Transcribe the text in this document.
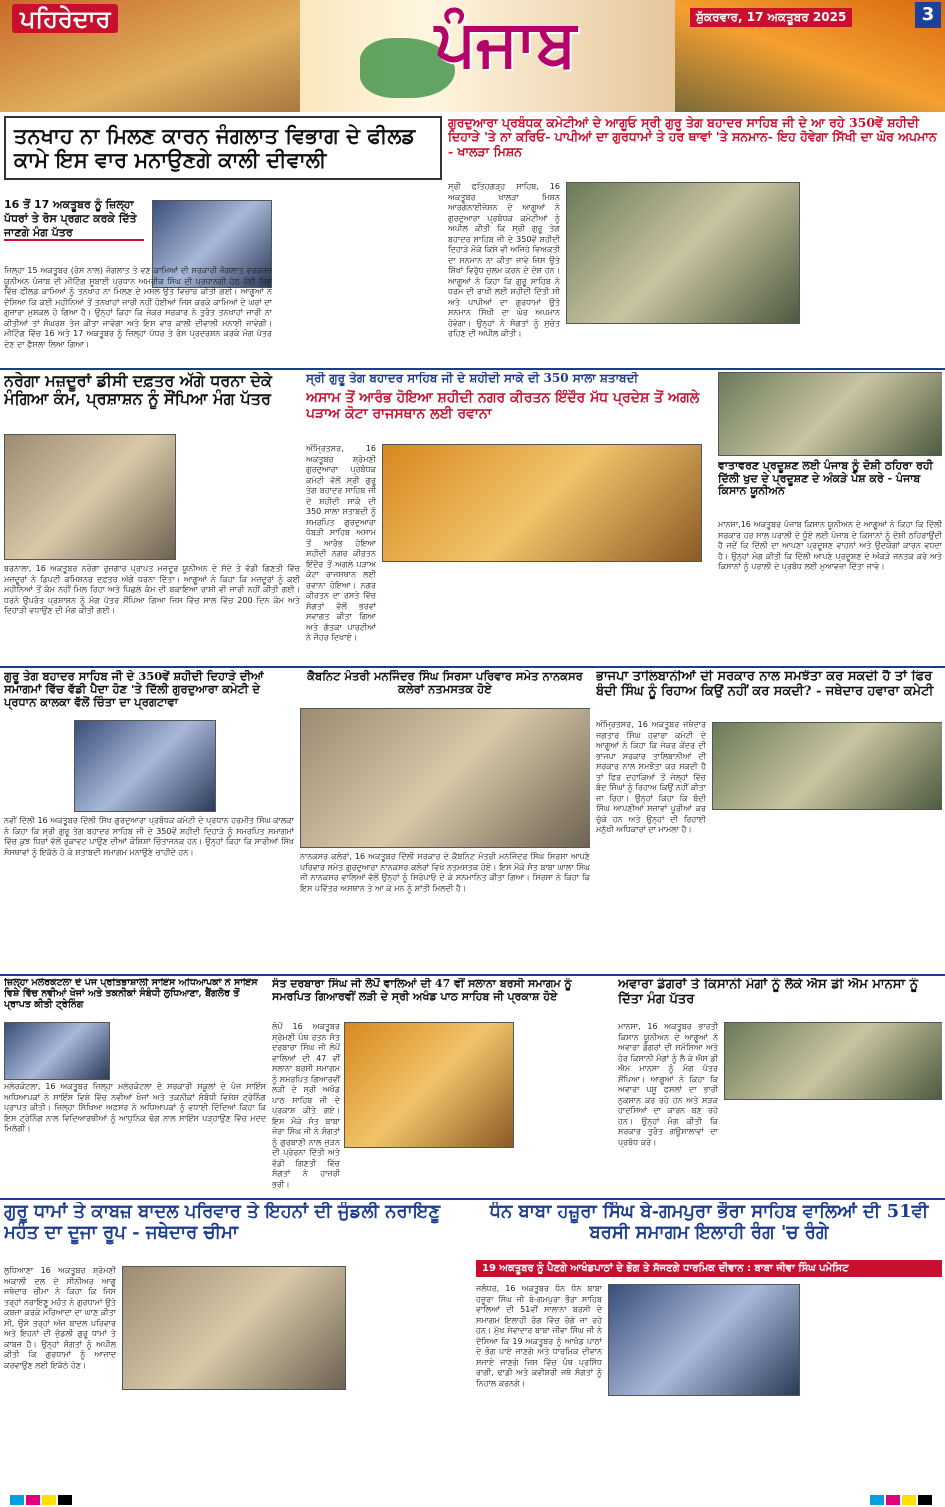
ਪਹਿਰੇਦਾਰ	ਪੰਜਾਬ	ਸ਼ੁੱਕਰਵਾਰ, 17 ਅਕਤੂਬਰ 2025	3
ਤਨਖਾਹ ਨਾ ਮਿਲਣ ਕਾਰਨ ਜੰਗਲਾਤ ਵਿਭਾਗ ਦੇ ਫੀਲਡ ਕਾਮੇ ਇਸ ਵਾਰ ਮਨਾਉਣਗੇ ਕਾਲੀ ਦੀਵਾਲੀ
16 ਤੋਂ 17 ਅਕਤੂਬਰ ਨੂੰ ਜ਼ਿਲ੍ਹਾ ਪੱਧਰਾਂ ਤੇ ਰੋਸ ਪ੍ਰਗਟ ਕਰਕੇ ਦਿੱਤੇ ਜਾਣਗੇ ਮੰਗ ਪੱਤਰ
ਜ਼ਿਲ੍ਹਾ 15 ਅਕਤੂਬਰ (ਰੋਸ ਨਾਲ) ਜੰਗਲਾਤ ਤੇ ਵਣ ਕਾਮਿਆਂ ਦੀ ਸਰਕਾਰੀ ਜੰਗਲਾਤ ਵਰਕਰਜ਼ ਯੂਨੀਅਨ ਪੰਜਾਬ ਦੀ ਮੀਟਿੰਗ ਸੂਬਾਈ ਪ੍ਰਧਾਨ ਅਮਰੀਕ ਸਿੰਘ ਦੀ ਪ੍ਰਧਾਨਗੀ ਹੇਠ ਹੋਈ ਜਿਸ ਵਿੱਚ ਫੀਲਡ ਕਾਮਿਆਂ ਨੂੰ ਤਨਖਾਹ ਨਾ ਮਿਲਣ ਦੇ ਮਸਲੇ ਉਤੇ ਵਿਚਾਰ ਕੀਤੀ ਗਈ। ਆਗੂਆਂ ਨੇ ਦੱਸਿਆ ਕਿ ਕਈ ਮਹੀਨਿਆਂ ਤੋਂ ਤਨਖਾਹਾਂ ਜਾਰੀ ਨਹੀਂ ਹੋਈਆਂ ਜਿਸ ਕਰਕੇ ਕਾਮਿਆਂ ਦੇ ਘਰਾਂ ਦਾ ਗੁਜ਼ਾਰਾ ਮੁਸ਼ਕਲ ਹੋ ਗਿਆ ਹੈ। ਉਨ੍ਹਾਂ ਕਿਹਾ ਕਿ ਜੇਕਰ ਸਰਕਾਰ ਨੇ ਤੁਰੰਤ ਤਨਖਾਹਾਂ ਜਾਰੀ ਨਾ ਕੀਤੀਆਂ ਤਾਂ ਸੰਘਰਸ਼ ਤੇਜ਼ ਕੀਤਾ ਜਾਵੇਗਾ ਅਤੇ ਇਸ ਵਾਰ ਕਾਲੀ ਦੀਵਾਲੀ ਮਨਾਈ ਜਾਵੇਗੀ। ਮੀਟਿੰਗ ਵਿੱਚ 16 ਅਤੇ 17 ਅਕਤੂਬਰ ਨੂੰ ਜ਼ਿਲ੍ਹਾ ਪੱਧਰ ਤੇ ਰੋਸ ਪ੍ਰਦਰਸ਼ਨ ਕਰਕੇ ਮੰਗ ਪੱਤਰ ਦੇਣ ਦਾ ਫੈਸਲਾ ਲਿਆ ਗਿਆ।
ਗੁਰਦੁਆਰਾ ਪ੍ਰਬੰਧਕ ਕਮੇਟੀਆਂ ਦੇ ਆਗੂਓ ਸ੍ਰੀ ਗੁਰੂ ਤੇਗ ਬਹਾਦਰ ਸਾਹਿਬ ਜੀ ਦੇ ਆ ਰਹੇ 350ਵੇਂ ਸ਼ਹੀਦੀ ਦਿਹਾੜੇ 'ਤੇ ਨਾ ਕਰਿਓ- ਪਾਪੀਆਂ ਦਾ ਗੁਰਧਾਮਾਂ ਤੇ ਹਰ ਥਾਵਾਂ 'ਤੇ ਸਨਮਾਨ- ਇਹ ਹੋਵੇਗਾ ਸਿੱਖੀ ਦਾ ਘੋਰ ਅਪਮਾਨ - ਖਾਲੜਾ ਮਿਸ਼ਨ
ਸ੍ਰੀ ਫਤਿਹਗੜ੍ਹ ਸਾਹਿਬ, 16 ਅਕਤੂਬਰ ਖਾਲੜਾ ਮਿਸ਼ਨ ਆਰਗੇਨਾਈਜੇਸ਼ਨ ਦੇ ਆਗੂਆਂ ਨੇ ਗੁਰਦੁਆਰਾ ਪ੍ਰਬੰਧਕ ਕਮੇਟੀਆਂ ਨੂੰ ਅਪੀਲ ਕੀਤੀ ਕਿ ਸ੍ਰੀ ਗੁਰੂ ਤੇਗ ਬਹਾਦਰ ਸਾਹਿਬ ਜੀ ਦੇ 350ਵੇਂ ਸ਼ਹੀਦੀ ਦਿਹਾੜੇ ਮੌਕੇ ਕਿਸੇ ਵੀ ਅਜਿਹੇ ਵਿਅਕਤੀ ਦਾ ਸਨਮਾਨ ਨਾ ਕੀਤਾ ਜਾਵੇ ਜਿਸ ਉਤੇ ਸਿੱਖਾਂ ਵਿਰੁੱਧ ਜ਼ੁਲਮ ਕਰਨ ਦੇ ਦੋਸ਼ ਹਨ। ਆਗੂਆਂ ਨੇ ਕਿਹਾ ਕਿ ਗੁਰੂ ਸਾਹਿਬ ਨੇ ਧਰਮ ਦੀ ਰਾਖੀ ਲਈ ਸ਼ਹੀਦੀ ਦਿੱਤੀ ਸੀ ਅਤੇ ਪਾਪੀਆਂ ਦਾ ਗੁਰਧਾਮਾਂ ਉਤੇ ਸਨਮਾਨ ਸਿੱਖੀ ਦਾ ਘੋਰ ਅਪਮਾਨ ਹੋਵੇਗਾ। ਉਨ੍ਹਾਂ ਨੇ ਸੰਗਤਾਂ ਨੂੰ ਸੁਚੇਤ ਰਹਿਣ ਦੀ ਅਪੀਲ ਕੀਤੀ।
ਨਰੇਗਾ ਮਜ਼ਦੂਰਾਂ ਡੀਸੀ ਦਫ਼ਤਰ ਅੱਗੇ ਧਰਨਾ ਦੇਕੇ ਮੰਗਿਆ ਕੰਮ, ਪ੍ਰਸ਼ਾਸ਼ਨ ਨੂੰ ਸੌਂਪਿਆ ਮੰਗ ਪੱਤਰ
ਬਰਨਾਲਾ, 16 ਅਕਤੂਬਰ ਨਰੇਗਾ ਰੁਜ਼ਗਾਰ ਪ੍ਰਾਪਤ ਮਜ਼ਦੂਰ ਯੂਨੀਅਨ ਦੇ ਸੱਦੇ ਤੇ ਵੱਡੀ ਗਿਣਤੀ ਵਿੱਚ ਮਜ਼ਦੂਰਾਂ ਨੇ ਡਿਪਟੀ ਕਮਿਸ਼ਨਰ ਦਫ਼ਤਰ ਅੱਗੇ ਧਰਨਾ ਦਿੱਤਾ। ਆਗੂਆਂ ਨੇ ਕਿਹਾ ਕਿ ਮਜ਼ਦੂਰਾਂ ਨੂੰ ਕਈ ਮਹੀਨਿਆਂ ਤੋਂ ਕੰਮ ਨਹੀਂ ਮਿਲ ਰਿਹਾ ਅਤੇ ਪਿਛਲੇ ਕੰਮ ਦੀ ਬਕਾਇਆ ਰਾਸ਼ੀ ਵੀ ਜਾਰੀ ਨਹੀਂ ਕੀਤੀ ਗਈ। ਧਰਨੇ ਉਪਰੰਤ ਪ੍ਰਸ਼ਾਸ਼ਨ ਨੂੰ ਮੰਗ ਪੱਤਰ ਸੌਂਪਿਆ ਗਿਆ ਜਿਸ ਵਿੱਚ ਸਾਲ ਵਿੱਚ 200 ਦਿਨ ਕੰਮ ਅਤੇ ਦਿਹਾੜੀ ਵਧਾਉਣ ਦੀ ਮੰਗ ਕੀਤੀ ਗਈ।
ਸ੍ਰੀ ਗੁਰੂ ਤੇਗ ਬਹਾਦਰ ਸਾਹਿਬ ਜੀ ਦੇ ਸ਼ਹੀਦੀ ਸਾਕੇ ਦੀ 350 ਸਾਲਾ ਸ਼ਤਾਬਦੀ
ਅਸਾਮ ਤੋਂ ਆਰੰਭ ਹੋਇਆ ਸ਼ਹੀਦੀ ਨਗਰ ਕੀਰਤਨ ਇੰਦੌਰ ਮੱਧ ਪ੍ਰਦੇਸ਼ ਤੋਂ ਅਗਲੇ ਪੜਾਅ ਕੋਟਾ ਰਾਜਸਥਾਨ ਲਈ ਰਵਾਨਾ
ਅੰਮ੍ਰਿਤਸਰ, 16 ਅਕਤੂਬਰ ਸ਼੍ਰੋਮਣੀ ਗੁਰਦੁਆਰਾ ਪ੍ਰਬੰਧਕ ਕਮੇਟੀ ਵੱਲੋਂ ਸ੍ਰੀ ਗੁਰੂ ਤੇਗ ਬਹਾਦਰ ਸਾਹਿਬ ਜੀ ਦੇ ਸ਼ਹੀਦੀ ਸਾਕੇ ਦੀ 350 ਸਾਲਾ ਸ਼ਤਾਬਦੀ ਨੂੰ ਸਮਰਪਿਤ ਗੁਰਦੁਆਰਾ ਧੋਬੜੀ ਸਾਹਿਬ ਅਸਾਮ ਤੋਂ ਆਰੰਭ ਹੋਇਆ ਸ਼ਹੀਦੀ ਨਗਰ ਕੀਰਤਨ ਇੰਦੌਰ ਤੋਂ ਅਗਲੇ ਪੜਾਅ ਕੋਟਾ ਰਾਜਸਥਾਨ ਲਈ ਰਵਾਨਾ ਹੋਇਆ। ਨਗਰ ਕੀਰਤਨ ਦਾ ਰਸਤੇ ਵਿੱਚ ਸੰਗਤਾਂ ਵੱਲੋਂ ਭਰਵਾਂ ਸਵਾਗਤ ਕੀਤਾ ਗਿਆ ਅਤੇ ਗੱਤਕਾ ਪਾਰਟੀਆਂ ਨੇ ਜੌਹਰ ਦਿਖਾਏ।
ਵਾਤਾਵਰਣ ਪ੍ਰਦੂਸ਼ਣ ਲਈ ਪੰਜਾਬ ਨੂੰ ਦੋਸ਼ੀ ਠਹਿਰਾ ਰਹੀ ਦਿੱਲੀ ਖੁਦ ਦੇ ਪ੍ਰਦੂਸ਼ਣ ਦੇ ਅੰਕੜੇ ਪੇਸ਼ ਕਰੇ - ਪੰਜਾਬ ਕਿਸਾਨ ਯੂਨੀਅਨ
ਮਾਨਸਾ,16 ਅਕਤੂਬਰ ਪੰਜਾਬ ਕਿਸਾਨ ਯੂਨੀਅਨ ਦੇ ਆਗੂਆਂ ਨੇ ਕਿਹਾ ਕਿ ਦਿੱਲੀ ਸਰਕਾਰ ਹਰ ਸਾਲ ਪਰਾਲੀ ਦੇ ਧੂੰਏ ਲਈ ਪੰਜਾਬ ਦੇ ਕਿਸਾਨਾਂ ਨੂੰ ਦੋਸ਼ੀ ਠਹਿਰਾਉਂਦੀ ਹੈ ਜਦੋਂ ਕਿ ਦਿੱਲੀ ਦਾ ਆਪਣਾ ਪ੍ਰਦੂਸ਼ਣ ਵਾਹਨਾਂ ਅਤੇ ਉਦਯੋਗਾਂ ਕਾਰਨ ਵਧਦਾ ਹੈ। ਉਨ੍ਹਾਂ ਮੰਗ ਕੀਤੀ ਕਿ ਦਿੱਲੀ ਆਪਣੇ ਪ੍ਰਦੂਸ਼ਣ ਦੇ ਅੰਕੜੇ ਜਨਤਕ ਕਰੇ ਅਤੇ ਕਿਸਾਨਾਂ ਨੂੰ ਪਰਾਲੀ ਦੇ ਪ੍ਰਬੰਧ ਲਈ ਮੁਆਵਜ਼ਾ ਦਿੱਤਾ ਜਾਵੇ।
ਗੁਰੂ ਤੇਗ ਬਹਾਦਰ ਸਾਹਿਬ ਜੀ ਦੇ 350ਵੇਂ ਸ਼ਹੀਦੀ ਦਿਹਾੜੇ ਦੀਆਂ ਸਮਾਗਮਾਂ ਵਿੱਚ ਵੱਡੀ ਪੈਦਾ ਹੋਣ 'ਤੇ ਦਿੱਲੀ ਗੁਰਦੁਆਰਾ ਕਮੇਟੀ ਦੇ ਪ੍ਰਧਾਨ ਕਾਲਕਾ ਵੱਲੋਂ ਚਿੰਤਾ ਦਾ ਪ੍ਰਗਟਾਵਾ
ਨਵੀਂ ਦਿੱਲੀ 16 ਅਕਤੂਬਰ ਦਿੱਲੀ ਸਿੱਖ ਗੁਰਦੁਆਰਾ ਪ੍ਰਬੰਧਕ ਕਮੇਟੀ ਦੇ ਪ੍ਰਧਾਨ ਹਰਮੀਤ ਸਿੰਘ ਕਾਲਕਾ ਨੇ ਕਿਹਾ ਕਿ ਸ੍ਰੀ ਗੁਰੂ ਤੇਗ ਬਹਾਦਰ ਸਾਹਿਬ ਜੀ ਦੇ 350ਵੇਂ ਸ਼ਹੀਦੀ ਦਿਹਾੜੇ ਨੂੰ ਸਮਰਪਿਤ ਸਮਾਗਮਾਂ ਵਿੱਚ ਕੁਝ ਧਿਰਾਂ ਵੱਲੋਂ ਰੁਕਾਵਟ ਪਾਉਣ ਦੀਆਂ ਕੋਸ਼ਿਸ਼ਾਂ ਚਿੰਤਾਜਨਕ ਹਨ। ਉਨ੍ਹਾਂ ਕਿਹਾ ਕਿ ਸਾਰੀਆਂ ਸਿੱਖ ਸੰਸਥਾਵਾਂ ਨੂੰ ਇਕੱਠੇ ਹੋ ਕੇ ਸ਼ਤਾਬਦੀ ਸਮਾਗਮ ਮਨਾਉਣੇ ਚਾਹੀਦੇ ਹਨ।
ਕੈਬਨਿਟ ਮੰਤਰੀ ਮਨਜਿੰਦਰ ਸਿੰਘ ਸਿਰਸਾ ਪਰਿਵਾਰ ਸਮੇਤ ਨਾਨਕਸਰ ਕਲੇਰਾਂ ਨਤਮਸਤਕ ਹੋਏ
ਨਾਨਕਸਰ ਕਲੇਰਾਂ, 16 ਅਕਤੂਬਰ ਦਿੱਲੀ ਸਰਕਾਰ ਦੇ ਕੈਬਨਿਟ ਮੰਤਰੀ ਮਨਜਿੰਦਰ ਸਿੰਘ ਸਿਰਸਾ ਆਪਣੇ ਪਰਿਵਾਰ ਸਮੇਤ ਗੁਰਦੁਆਰਾ ਨਾਨਕਸਰ ਕਲੇਰਾਂ ਵਿਖੇ ਨਤਮਸਤਕ ਹੋਏ। ਇਸ ਮੌਕੇ ਸੰਤ ਬਾਬਾ ਘਾਲਾ ਸਿੰਘ ਜੀ ਨਾਨਕਸਰ ਵਾਲਿਆਂ ਵੱਲੋਂ ਉਨ੍ਹਾਂ ਨੂੰ ਸਿਰੋਪਾਓ ਦੇ ਕੇ ਸਨਮਾਨਿਤ ਕੀਤਾ ਗਿਆ। ਸਿਰਸਾ ਨੇ ਕਿਹਾ ਕਿ ਇਸ ਪਵਿੱਤਰ ਅਸਥਾਨ ਤੇ ਆ ਕੇ ਮਨ ਨੂੰ ਸ਼ਾਂਤੀ ਮਿਲਦੀ ਹੈ।
ਭਾਜਪਾ ਤਾਲਿਬਾਨੀਆਂ ਦੀ ਸਰਕਾਰ ਨਾਲ ਸਮਝੌਤਾ ਕਰ ਸਕਦੀ ਹੈ ਤਾਂ ਫਿਰ ਬੰਦੀ ਸਿੰਘ ਨੂੰ ਰਿਹਾਅ ਕਿਉਂ ਨਹੀਂ ਕਰ ਸਕਦੀ? - ਜਥੇਦਾਰ ਹਵਾਰਾ ਕਮੇਟੀ
ਅੰਮ੍ਰਿਤਸਰ, 16 ਅਕਤੂਬਰ ਜਥੇਦਾਰ ਜਗਤਾਰ ਸਿੰਘ ਹਵਾਰਾ ਕਮੇਟੀ ਦੇ ਆਗੂਆਂ ਨੇ ਕਿਹਾ ਕਿ ਜੇਕਰ ਕੇਂਦਰ ਦੀ ਭਾਜਪਾ ਸਰਕਾਰ ਤਾਲਿਬਾਨੀਆਂ ਦੀ ਸਰਕਾਰ ਨਾਲ ਸਮਝੌਤਾ ਕਰ ਸਕਦੀ ਹੈ ਤਾਂ ਫਿਰ ਦਹਾਕਿਆਂ ਤੋਂ ਜੇਲ੍ਹਾਂ ਵਿੱਚ ਬੰਦ ਸਿੰਘਾਂ ਨੂੰ ਰਿਹਾਅ ਕਿਉਂ ਨਹੀਂ ਕੀਤਾ ਜਾ ਰਿਹਾ। ਉਨ੍ਹਾਂ ਕਿਹਾ ਕਿ ਬੰਦੀ ਸਿੰਘ ਆਪਣੀਆਂ ਸਜ਼ਾਵਾਂ ਪੂਰੀਆਂ ਕਰ ਚੁੱਕੇ ਹਨ ਅਤੇ ਉਨ੍ਹਾਂ ਦੀ ਰਿਹਾਈ ਮਨੁੱਖੀ ਅਧਿਕਾਰਾਂ ਦਾ ਮਾਮਲਾ ਹੈ।
ਜ਼ਿਲ੍ਹਾ ਮਲੇਰਕੋਟਲਾ ਦੇ ਪੰਜ ਪ੍ਰਤਿਭਾਸ਼ਾਲੀ ਸਾਇੰਸ ਅਧਿਆਪਕਾਂ ਨੇ ਸਾਇੰਸ ਵਿਸ਼ੇ ਵਿੱਚ ਨਵੀਆਂ ਖੋਜਾਂ ਅਤੇ ਤਕਨੀਕਾਂ ਸੰਬੰਧੀ ਲੁਧਿਆਣਾ, ਬੈਂਗਲੋਰ ਤੋਂ ਪ੍ਰਾਪਤ ਕੀਤੀ ਟ੍ਰੇਨਿੰਗ
ਮਲੇਰਕੋਟਲਾ, 16 ਅਕਤੂਬਰ ਜ਼ਿਲ੍ਹਾ ਮਲੇਰਕੋਟਲਾ ਦੇ ਸਰਕਾਰੀ ਸਕੂਲਾਂ ਦੇ ਪੰਜ ਸਾਇੰਸ ਅਧਿਆਪਕਾਂ ਨੇ ਸਾਇੰਸ ਵਿਸ਼ੇ ਵਿੱਚ ਨਵੀਆਂ ਖੋਜਾਂ ਅਤੇ ਤਕਨੀਕਾਂ ਸੰਬੰਧੀ ਵਿਸ਼ੇਸ਼ ਟ੍ਰੇਨਿੰਗ ਪ੍ਰਾਪਤ ਕੀਤੀ। ਜ਼ਿਲ੍ਹਾ ਸਿੱਖਿਆ ਅਫ਼ਸਰ ਨੇ ਅਧਿਆਪਕਾਂ ਨੂੰ ਵਧਾਈ ਦਿੰਦਿਆਂ ਕਿਹਾ ਕਿ ਇਸ ਟ੍ਰੇਨਿੰਗ ਨਾਲ ਵਿਦਿਆਰਥੀਆਂ ਨੂੰ ਆਧੁਨਿਕ ਢੰਗ ਨਾਲ ਸਾਇੰਸ ਪੜ੍ਹਾਉਣ ਵਿੱਚ ਮਦਦ ਮਿਲੇਗੀ।
ਸੰਤ ਦਰਬਾਰਾ ਸਿੰਘ ਜੀ ਲੋਪੋਂ ਵਾਲਿਆਂ ਦੀ 47 ਵੀਂ ਸਲਾਨਾ ਬਰਸੀ ਸਮਾਗਮ ਨੂੰ ਸਮਰਪਿਤ ਗਿਆਰਵੀਂ ਲੜੀ ਦੇ ਸ੍ਰੀ ਅਖੰਡ ਪਾਠ ਸਾਹਿਬ ਜੀ ਪ੍ਰਕਾਸ਼ ਹੋਏ
ਲੋਪੋਂ 16 ਅਕਤੂਬਰ ਸ੍ਰੋਮਣੀ ਪੰਥ ਰਤਨ ਸੰਤ ਦਰਬਾਰਾ ਸਿੰਘ ਜੀ ਲੋਪੋਂ ਵਾਲਿਆਂ ਦੀ 47 ਵੀਂ ਸਲਾਨਾ ਬਰਸੀ ਸਮਾਗਮ ਨੂੰ ਸਮਰਪਿਤ ਗਿਆਰਵੀਂ ਲੜੀ ਦੇ ਸ੍ਰੀ ਅਖੰਡ ਪਾਠ ਸਾਹਿਬ ਜੀ ਦੇ ਪ੍ਰਕਾਸ਼ ਕੀਤੇ ਗਏ। ਇਸ ਮੌਕੇ ਸੰਤ ਬਾਬਾ ਜੋਰਾ ਸਿੰਘ ਜੀ ਨੇ ਸੰਗਤਾਂ ਨੂੰ ਗੁਰਬਾਣੀ ਨਾਲ ਜੁੜਨ ਦੀ ਪ੍ਰੇਰਨਾ ਦਿੱਤੀ ਅਤੇ ਵੱਡੀ ਗਿਣਤੀ ਵਿੱਚ ਸੰਗਤਾਂ ਨੇ ਹਾਜ਼ਰੀ ਭਰੀ।
ਅਵਾਰਾ ਡੰਗਰਾਂ ਤੇ ਕਿਸਾਨੀ ਮੰਗਾਂ ਨੂੰ ਲੈਕੇ ਐਸ ਡੀ ਐਮ ਮਾਨਸਾ ਨੂੰ ਦਿੱਤਾ ਮੰਗ ਪੱਤਰ
ਮਾਨਸਾ, 16 ਅਕਤੂਬਰ ਭਾਰਤੀ ਕਿਸਾਨ ਯੂਨੀਅਨ ਦੇ ਆਗੂਆਂ ਨੇ ਅਵਾਰਾ ਡੰਗਰਾਂ ਦੀ ਸਮੱਸਿਆ ਅਤੇ ਹੋਰ ਕਿਸਾਨੀ ਮੰਗਾਂ ਨੂੰ ਲੈ ਕੇ ਐਸ ਡੀ ਐਮ ਮਾਨਸਾ ਨੂੰ ਮੰਗ ਪੱਤਰ ਸੌਂਪਿਆ। ਆਗੂਆਂ ਨੇ ਕਿਹਾ ਕਿ ਅਵਾਰਾ ਪਸ਼ੂ ਫਸਲਾਂ ਦਾ ਭਾਰੀ ਨੁਕਸਾਨ ਕਰ ਰਹੇ ਹਨ ਅਤੇ ਸੜਕ ਹਾਦਸਿਆਂ ਦਾ ਕਾਰਨ ਬਣ ਰਹੇ ਹਨ। ਉਨ੍ਹਾਂ ਮੰਗ ਕੀਤੀ ਕਿ ਸਰਕਾਰ ਤੁਰੰਤ ਗਊਸ਼ਾਲਾਵਾਂ ਦਾ ਪ੍ਰਬੰਧ ਕਰੇ।
ਗੁਰੂ ਧਾਮਾਂ ਤੇ ਕਾਬਜ਼ ਬਾਦਲ ਪਰਿਵਾਰ ਤੇ ਇਹਨਾਂ ਦੀ ਜੁੰਡਲੀ ਨਰਾਇਣੂ ਮਹੰਤ ਦਾ ਦੂਜਾ ਰੂਪ - ਜਥੇਦਾਰ ਚੀਮਾ
ਲੁਧਿਆਣਾ 16 ਅਕਤੂਬਰ ਸ਼੍ਰੋਮਣੀ ਅਕਾਲੀ ਦਲ ਦੇ ਸੀਨੀਅਰ ਆਗੂ ਜਥੇਦਾਰ ਚੀਮਾ ਨੇ ਕਿਹਾ ਕਿ ਜਿਸ ਤਰ੍ਹਾਂ ਨਰਾਇਣੂ ਮਹੰਤ ਨੇ ਗੁਰਧਾਮਾਂ ਉਤੇ ਕਬਜ਼ਾ ਕਰਕੇ ਮਰਿਆਦਾ ਦਾ ਘਾਣ ਕੀਤਾ ਸੀ, ਉਸੇ ਤਰ੍ਹਾਂ ਅੱਜ ਬਾਦਲ ਪਰਿਵਾਰ ਅਤੇ ਇਹਨਾਂ ਦੀ ਜੁੰਡਲੀ ਗੁਰੂ ਧਾਮਾਂ ਤੇ ਕਾਬਜ਼ ਹੈ। ਉਨ੍ਹਾਂ ਸੰਗਤਾਂ ਨੂੰ ਅਪੀਲ ਕੀਤੀ ਕਿ ਗੁਰਧਾਮਾਂ ਨੂੰ ਆਜ਼ਾਦ ਕਰਵਾਉਣ ਲਈ ਇਕੱਠੇ ਹੋਣ।
ਧੰਨ ਬਾਬਾ ਹਜ਼ੂਰਾ ਸਿੰਘ ਬੇ-ਗਮਪੁਰਾ ਭੌਰਾ ਸਾਹਿਬ ਵਾਲਿਆਂ ਦੀ 51ਵੀ ਬਰਸੀ ਸਮਾਗਮ ਇਲਾਹੀ ਰੰਗ 'ਚ ਰੰਗੇ
19 ਅਕਤੂਬਰ ਨੂੰ ਪੈਣਗੇ ਆਖੰਡਪਾਠਾਂ ਦੇ ਭੋਗ ਤੇ ਸੱਜਣਗੇ ਧਾਰਮਿਕ ਦੀਵਾਨ : ਬਾਬਾ ਜੀਵਾ ਸਿੰਘ ਪਮੇਸਿਟ
ਜਲੰਧਰ, 16 ਅਕਤੂਬਰ ਧੰਨ ਧੰਨ ਬਾਬਾ ਹਜ਼ੂਰਾ ਸਿੰਘ ਜੀ ਬੇ-ਗਮਪੁਰਾ ਭੌਰਾ ਸਾਹਿਬ ਵਾਲਿਆਂ ਦੀ 51ਵੀਂ ਸਾਲਾਨਾ ਬਰਸੀ ਦੇ ਸਮਾਗਮ ਇਲਾਹੀ ਰੰਗ ਵਿੱਚ ਰੰਗੇ ਜਾ ਰਹੇ ਹਨ। ਮੁੱਖ ਸੇਵਾਦਾਰ ਬਾਬਾ ਜੀਵਾ ਸਿੰਘ ਜੀ ਨੇ ਦੱਸਿਆ ਕਿ 19 ਅਕਤੂਬਰ ਨੂੰ ਆਖੰਡ ਪਾਠਾਂ ਦੇ ਭੋਗ ਪਾਏ ਜਾਣਗੇ ਅਤੇ ਧਾਰਮਿਕ ਦੀਵਾਨ ਸਜਾਏ ਜਾਣਗੇ ਜਿਸ ਵਿੱਚ ਪੰਥ ਪ੍ਰਸਿੱਧ ਰਾਗੀ, ਢਾਡੀ ਅਤੇ ਕਵੀਸ਼ਰੀ ਜਥੇ ਸੰਗਤਾਂ ਨੂੰ ਨਿਹਾਲ ਕਰਨਗੇ।
